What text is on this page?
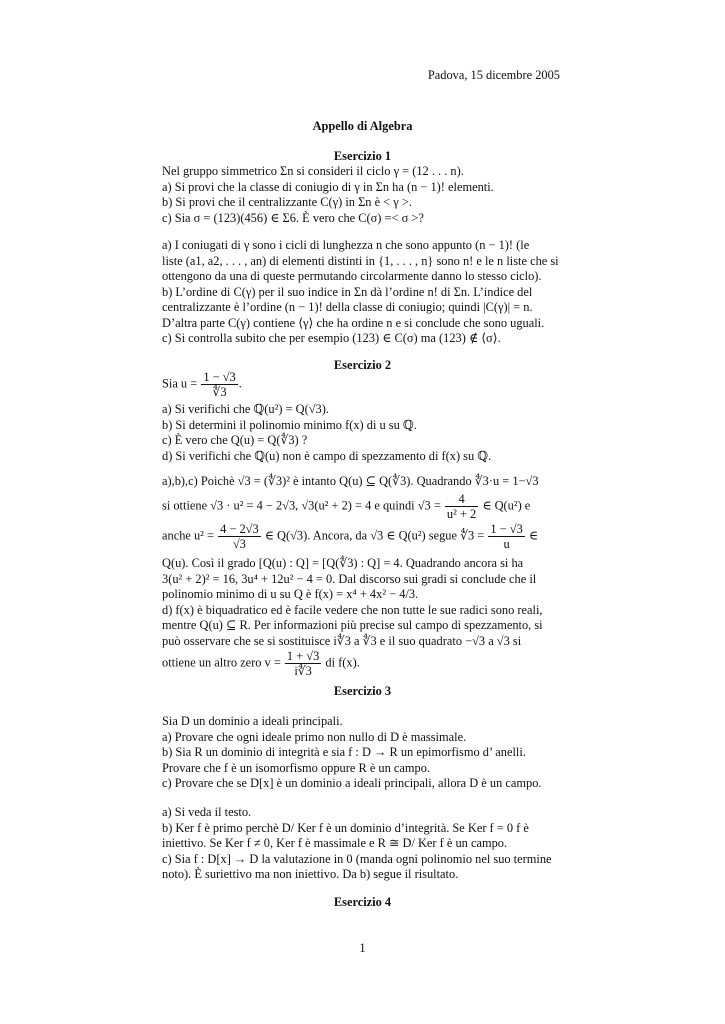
Padova, 15 dicembre 2005
Appello di Algebra
Esercizio 1
Nel gruppo simmetrico Σn si consideri il ciclo γ = (12 . . . n).
a) Si provi che la classe di coniugio di γ in Σn ha (n − 1)! elementi.
b) Si provi che il centralizzante C(γ) in Σn è < γ >.
c) Sia σ = (123)(456) ∈ Σ6. È vero che C(σ) =< σ >?
a) I coniugati di γ sono i cicli di lunghezza n che sono appunto (n − 1)! (le
liste (a1, a2, . . . , an) di elementi distinti in {1, . . . , n} sono n! e le n liste che si
ottengono da una di queste permutando circolarmente danno lo stesso ciclo).
b) L’ordine di C(γ) per il suo indice in Σn dà l’ordine n! di Σn. L’indice del
centralizzante è l’ordine (n − 1)! della classe di coniugio; quindi |C(γ)| = n.
D’altra parte C(γ) contiene ⟨γ⟩ che ha ordine n e si conclude che sono uguali.
c) Si controlla subito che per esempio (123) ∈ C(σ) ma (123) ∉ ⟨σ⟩.
Esercizio 2
Sia $u = \frac{1 - √3}{∜3}$ .
a) Si verifichi che ℚ(u²) = Q(√3).
b) Si determini il polinomio minimo f(x) di u su ℚ.
c) È vero che Q(u) = Q(∜3) ?
d) Si verifichi che ℚ(u) non è campo di spezzamento di f(x) su ℚ.
a),b),c) Poichè √3 = (∜3)² è intanto Q(u) ⊆ Q(∜3). Quadrando ∜3·u = 1−√3
si ottiene √3 · u² = 4 − 2√3, √3(u² + 2) = 4 e quindi $√3 = \frac{4}{\text{u² + 2}}$ ∈ Q(u²) e
anche $u^2 = \frac{4 - 2√3}{√3}$ ∈ Q(√3). Ancora, da √3 ∈ Q(u²) segue ∜3 = $\frac{1 - √3}{u}$ ∈
Q(u). Così il grado [Q(u) : Q] = [Q(∜3) : Q] = 4. Quadrando ancora si ha
3(u² + 2)² = 16, 3u⁴ + 12u² − 4 = 0. Dal discorso sui gradi si conclude che il
polinomio minimo di u su Q è f(x) = x⁴ + 4x² − 4/3.
d) f(x) è biquadratico ed è facile vedere che non tutte le sue radici sono reali,
mentre Q(u) ⊆ R. Per informazioni più precise sul campo di spezzamento, si
può osservare che se si sostituisce i∜3 a ∜3 e il suo quadrato −√3 a √3 si
ottiene un altro zero $v = \frac{1 + √3}{i∜3}$ di f(x).
Esercizio 3
Sia D un dominio a ideali principali.
a) Provare che ogni ideale primo non nullo di D è massimale.
b) Sia R un dominio di integrità e sia f : D → R un epimorfismo d’ anelli.
Provare che f è un isomorfismo oppure R è un campo.
c) Provare che se D[x] è un dominio a ideali principali, allora D è un campo.
a) Si veda il testo.
b) Ker f è primo perchè D/ Ker f è un dominio d’integrità. Se Ker f = 0 f è
iniettivo. Se Ker f ≠ 0, Ker f è massimale e R ≅ D/ Ker f è un campo.
c) Sia f : D[x] → D la valutazione in 0 (manda ogni polinomio nel suo termine
noto). È suriettivo ma non iniettivo. Da b) segue il risultato.
Esercizio 4
1
